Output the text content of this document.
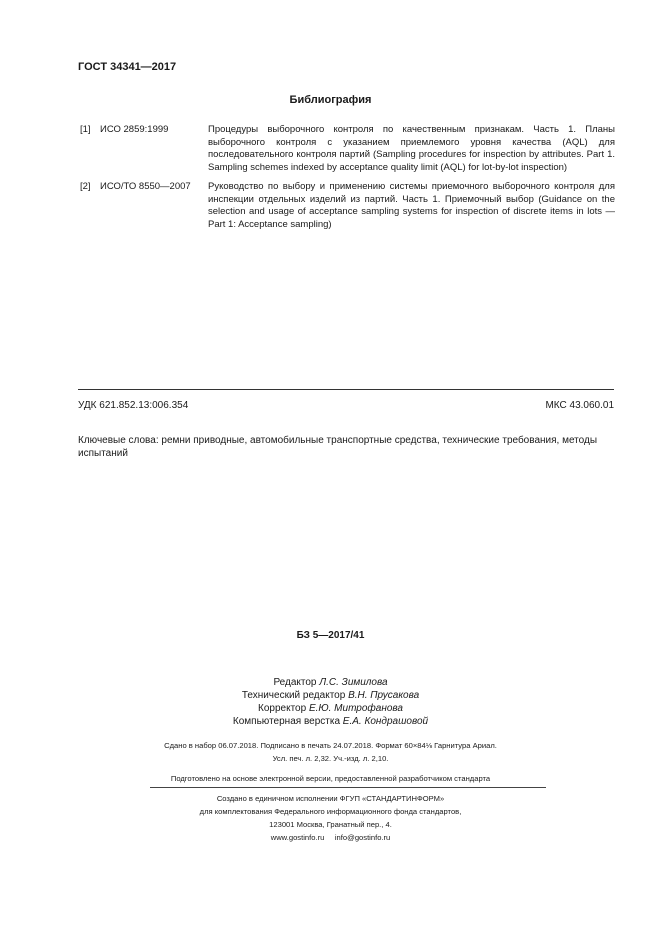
ГОСТ 34341—2017
Библиография
[1] ИСО 2859:1999	Процедуры выборочного контроля по качественным признакам. Часть 1. Планы выборочного контроля с указанием приемлемого уровня качества (AQL) для последовательного контроля партий (Sampling procedures for inspection by attributes. Part 1. Sampling schemes indexed by acceptance quality limit (AQL) for lot-by-lot inspection)
[2] ИСО/ТО 8550—2007 Руководство по выбору и применению системы приемочного выборочного контроля для инспекции отдельных изделий из партий. Часть 1. Приемочный выбор (Guidance on the selection and usage of acceptance sampling systems for inspection of discrete items in lots — Part 1: Acceptance sampling)
УДК 621.852.13:006.354	МКС 43.060.01
Ключевые слова: ремни приводные, автомобильные транспортные средства, технические требования, методы испытаний
БЗ 5—2017/41
Редактор Л.С. Зимилова
Технический редактор В.Н. Прусакова
Корректор Е.Ю. Митрофанова
Компьютерная верстка Е.А. Кондрашовой
Сдано в набор 06.07.2018. Подписано в печать 24.07.2018. Формат 60×84⅛ Гарнитура Ариал.
Усл. печ. л. 2,32. Уч.-изд. л. 2,10.
Подготовлено на основе электронной версии, предоставленной разработчиком стандарта
Создано в единичном исполнении ФГУП «СТАНДАРТИНФОРМ»
для комплектования Федерального информационного фонда стандартов,
123001 Москва, Гранатный пер., 4.
www.gostinfo.ru     info@gostinfo.ru
